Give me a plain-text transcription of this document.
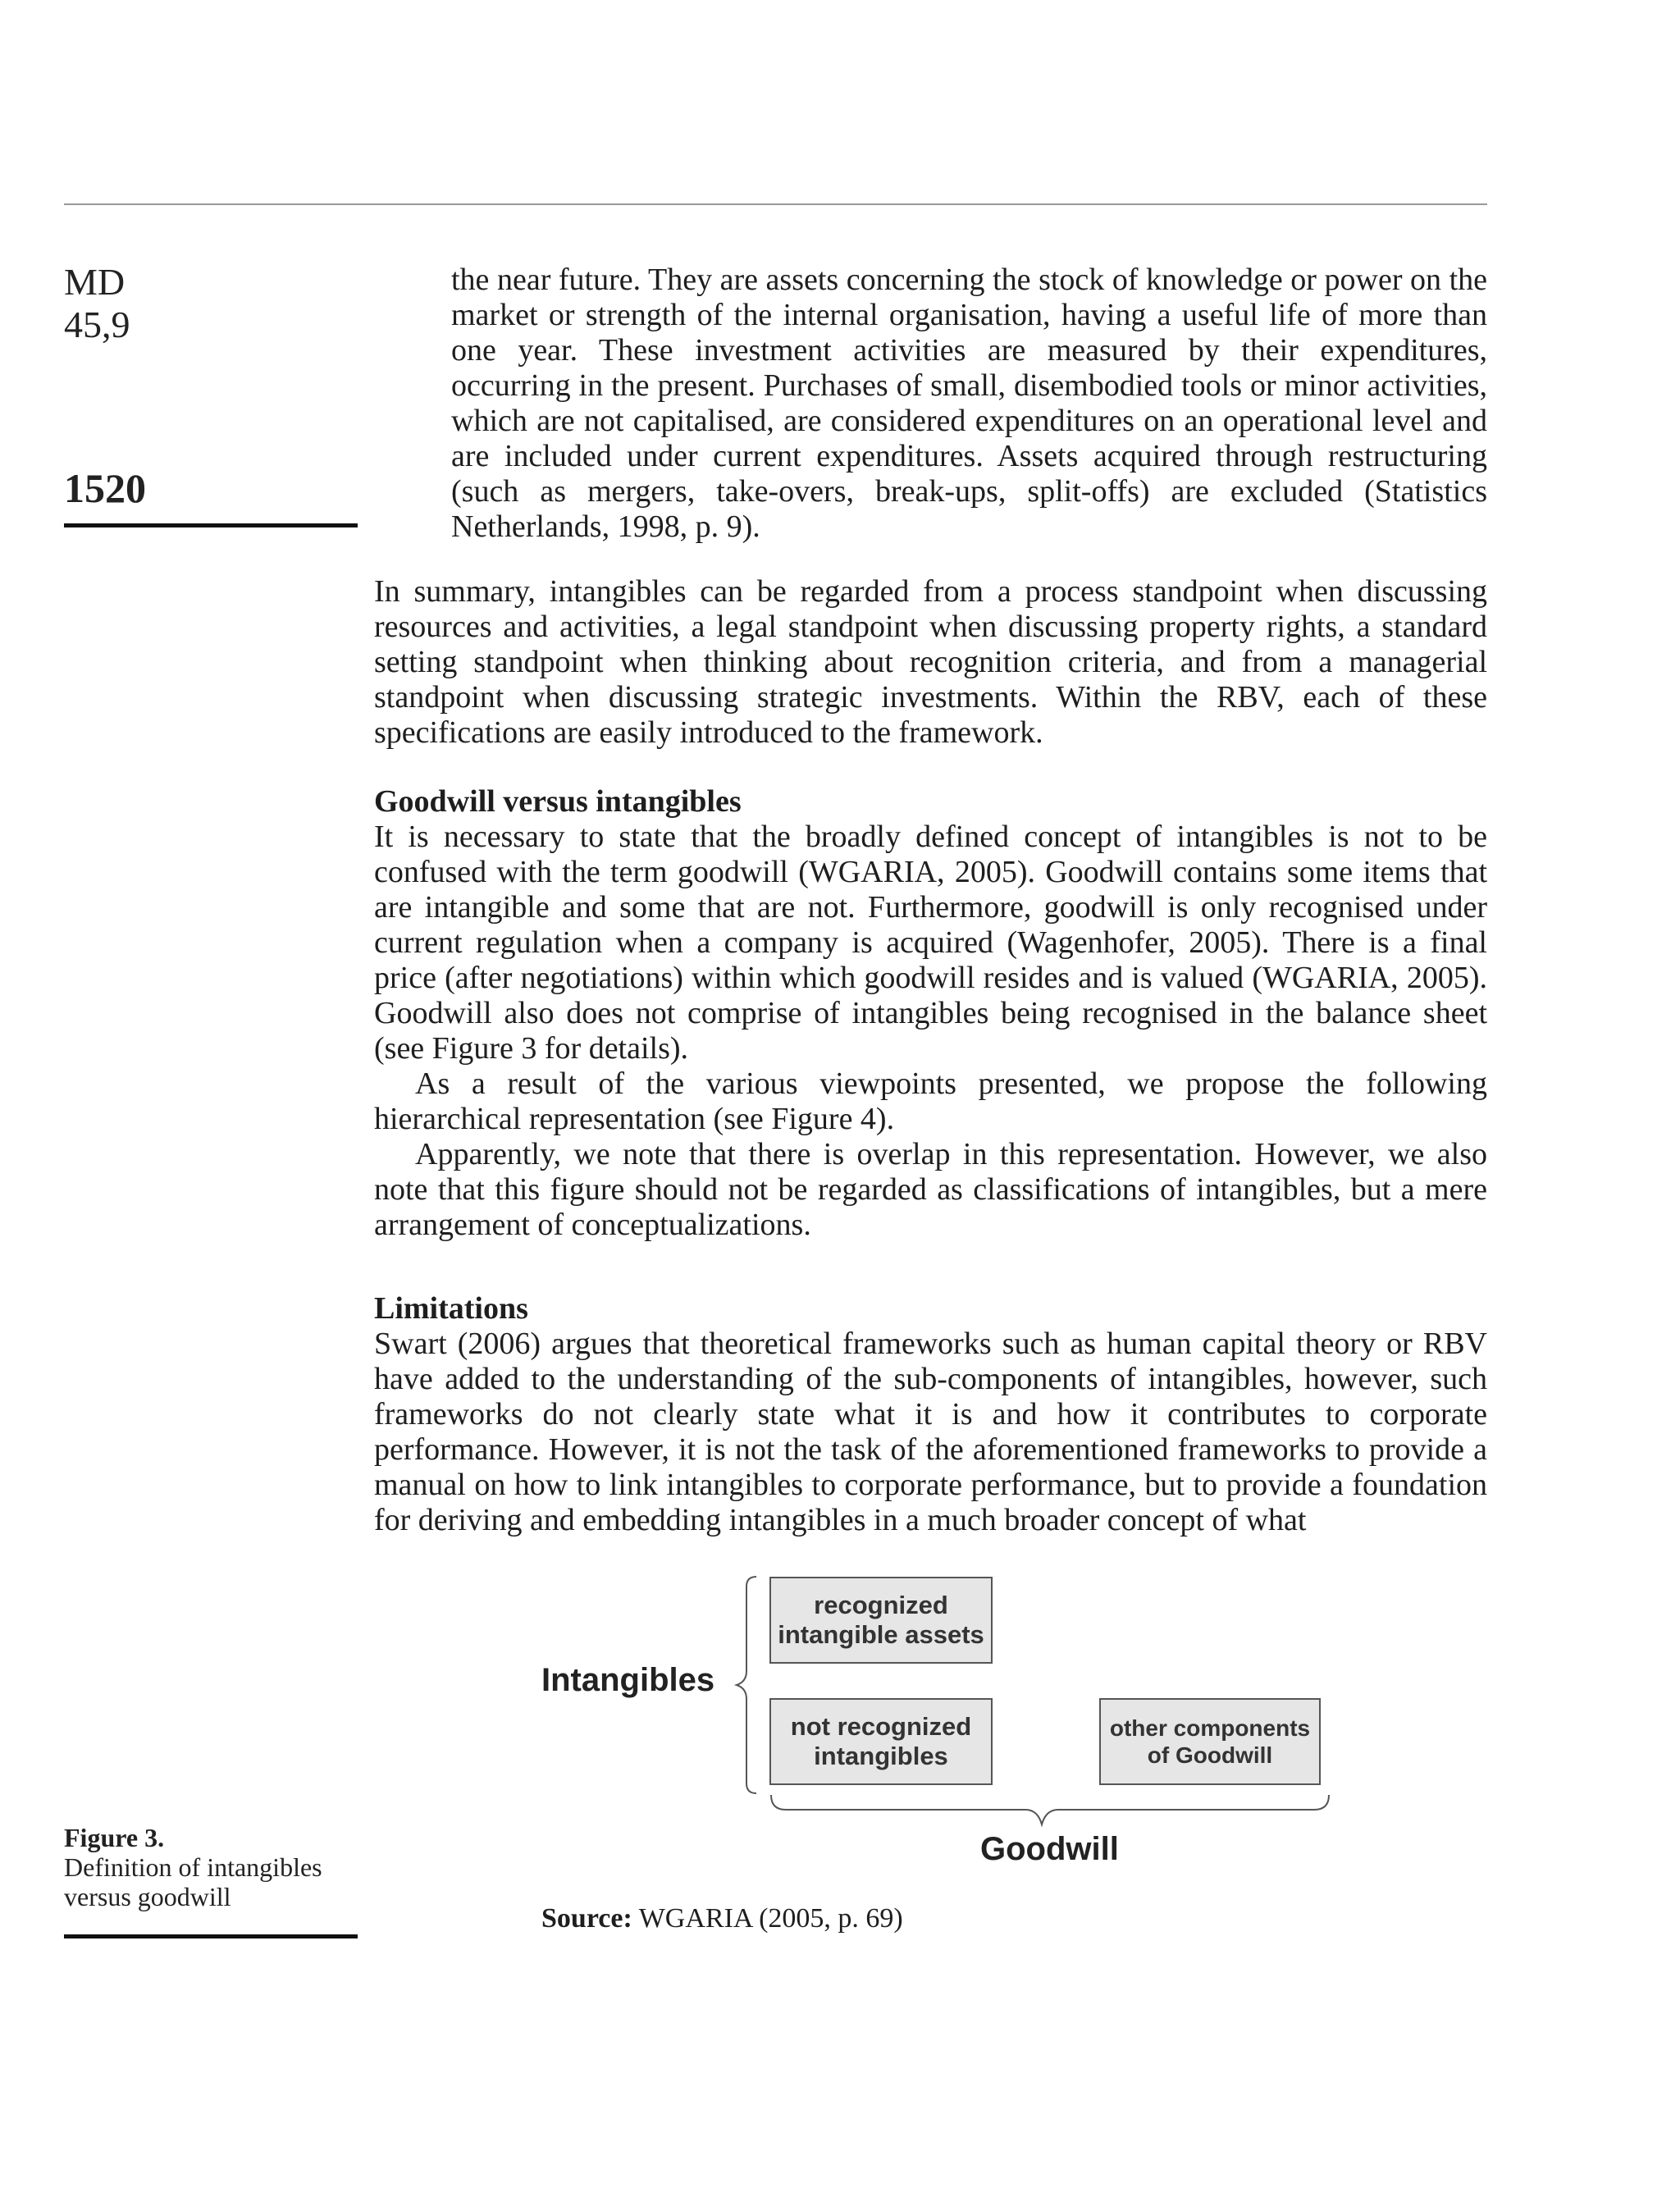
MD
45,9
1520

the near future. They are assets concerning the stock of knowledge or power on the market or strength of the internal organisation, having a useful life of more than one year. These investment activities are measured by their expenditures, occurring in the present. Purchases of small, disembodied tools or minor activities, which are not capitalised, are considered expenditures on an operational level and are included under current expenditures. Assets acquired through restructuring (such as mergers, take-overs, break-ups, split-offs) are excluded (Statistics Netherlands, 1998, p. 9).

In summary, intangibles can be regarded from a process standpoint when discussing resources and activities, a legal standpoint when discussing property rights, a standard setting standpoint when thinking about recognition criteria, and from a managerial standpoint when discussing strategic investments. Within the RBV, each of these specifications are easily introduced to the framework.

Goodwill versus intangibles

It is necessary to state that the broadly defined concept of intangibles is not to be confused with the term goodwill (WGARIA, 2005). Goodwill contains some items that are intangible and some that are not. Furthermore, goodwill is only recognised under current regulation when a company is acquired (Wagenhofer, 2005). There is a final price (after negotiations) within which goodwill resides and is valued (WGARIA, 2005). Goodwill also does not comprise of intangibles being recognised in the balance sheet (see Figure 3 for details).

As a result of the various viewpoints presented, we propose the following hierarchical representation (see Figure 4).

Apparently, we note that there is overlap in this representation. However, we also note that this figure should not be regarded as classifications of intangibles, but a mere arrangement of conceptualizations.

Limitations

Swart (2006) argues that theoretical frameworks such as human capital theory or RBV have added to the understanding of the sub-components of intangibles, however, such frameworks do not clearly state what it is and how it contributes to corporate performance. However, it is not the task of the aforementioned frameworks to provide a manual on how to link intangibles to corporate performance, but to provide a foundation for deriving and embedding intangibles in a much broader concept of what

Intangibles
recognized intangible assets
not recognized intangibles
other components of Goodwill
Goodwill
Source: WGARIA (2005, p. 69)
Figure 3.
Definition of intangibles versus goodwill
